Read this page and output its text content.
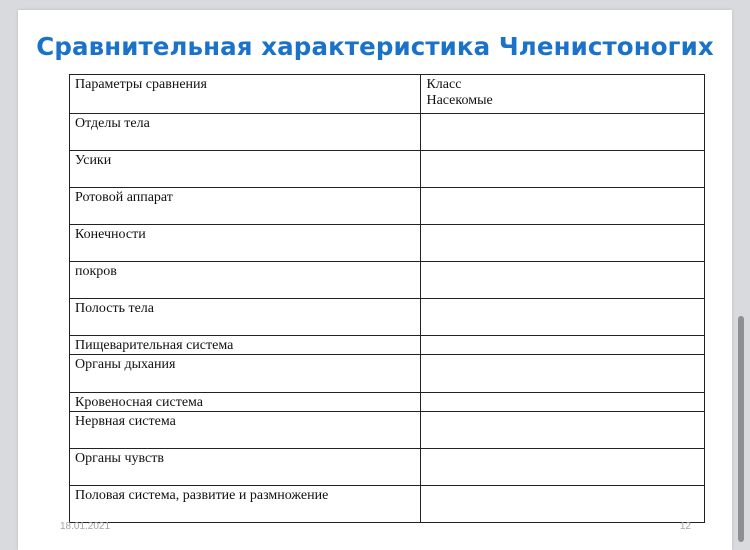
Сравнительная характеристика Членистоногих
Параметры сравнения	Класс
Насекомые
Отделы тела	
Усики	
Ротовой аппарат	
Конечности	
покров	
Полость тела	
Пищеварительная система	
Органы дыхания	
Кровеносная система	
Нервная система	
Органы чувств	
Половая система, развитие и размножение	
18.01.2021	12
